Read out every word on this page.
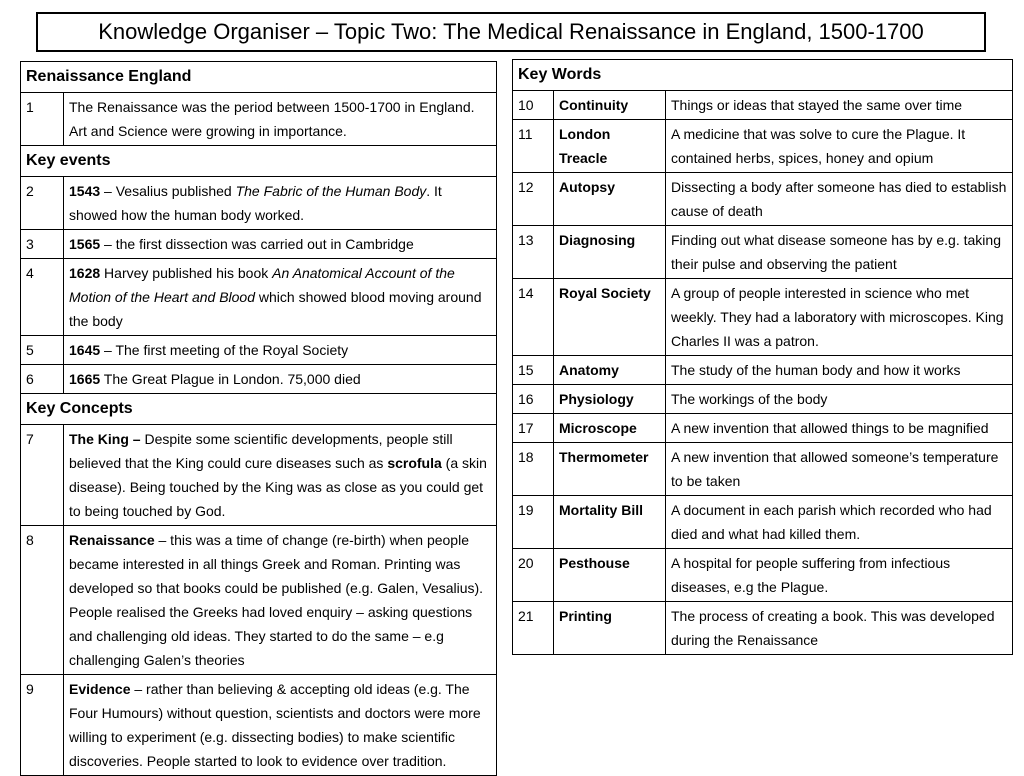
Knowledge Organiser – Topic Two: The Medical Renaissance in England, 1500-1700
Renaissance England	
1	The Renaissance was the period between 1500-1700 in England. Art and Science were growing in importance.
Key events	
2	1543 – Vesalius published The Fabric of the Human Body. It showed how the human body worked.
3	1565 – the first dissection was carried out in Cambridge
4	1628 Harvey published his book An Anatomical Account of the Motion of the Heart and Blood which showed blood moving around the body
5	1645 – The first meeting of the Royal Society
6	1665 The Great Plague in London. 75,000 died
Key Concepts	
7	The King – Despite some scientific developments, people still believed that the King could cure diseases such as scrofula (a skin disease). Being touched by the King was as close as you could get to being touched by God.
8	Renaissance – this was a time of change (re-birth) when people became interested in all things Greek and Roman. Printing was developed so that books could be published (e.g. Galen, Vesalius). People realised the Greeks had loved enquiry – asking questions and challenging old ideas. They started to do the same – e.g challenging Galen’s theories
9	Evidence – rather than believing & accepting old ideas (e.g. The Four Humours) without question, scientists and doctors were more willing to experiment (e.g. dissecting bodies) to make scientific discoveries. People started to look to evidence over tradition.
Key Words		
10	Continuity	Things or ideas that stayed the same over time
11	London Treacle	A medicine that was solve to cure the Plague. It contained herbs, spices, honey and opium
12	Autopsy	Dissecting a body after someone has died to establish cause of death
13	Diagnosing	Finding out what disease someone has by e.g. taking their pulse and observing the patient
14	Royal Society	A group of people interested in science who met weekly. They had a laboratory with microscopes. King Charles II was a patron.
15	Anatomy	The study of the human body and how it works
16	Physiology	The workings of the body
17	Microscope	A new invention that allowed things to be magnified
18	Thermometer	A new invention that allowed someone’s temperature to be taken
19	Mortality Bill	A document in each parish which recorded who had died and what had killed them.
20	Pesthouse	A hospital for people suffering from infectious diseases, e.g the Plague.
21	Printing	The process of creating a book. This was developed during the Renaissance
